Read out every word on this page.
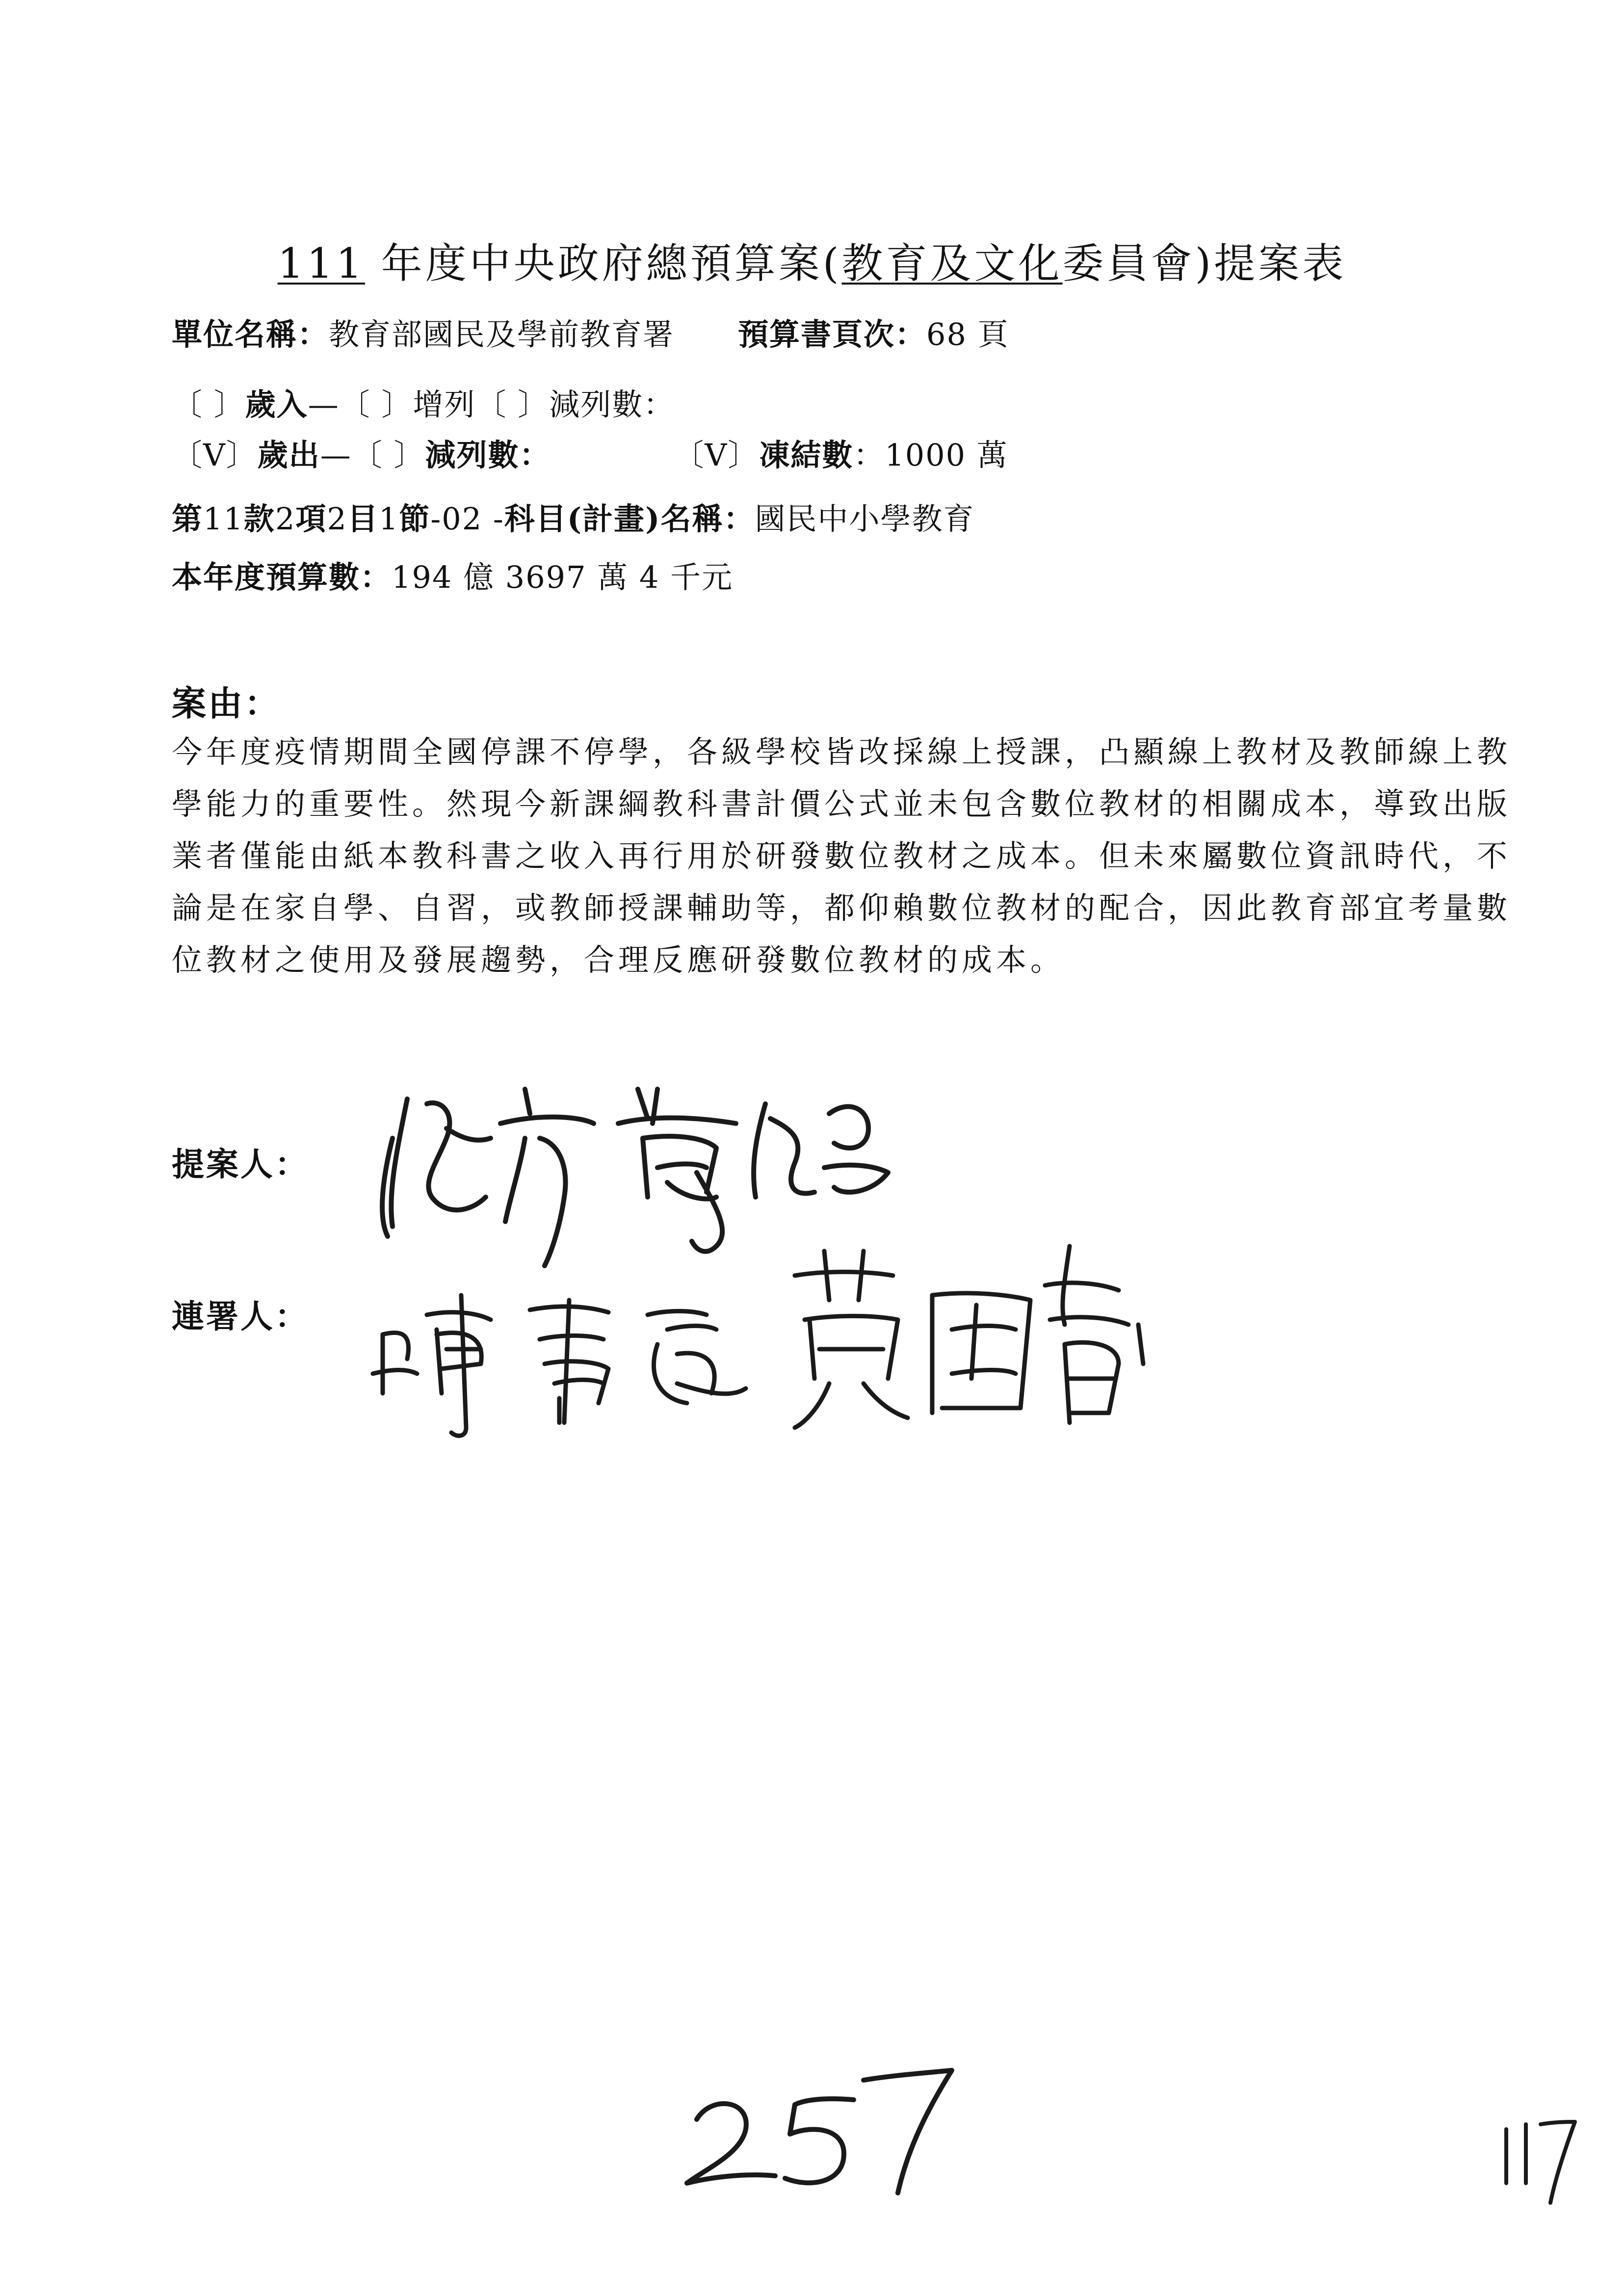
111 年度中央政府總預算案(教育及文化委員會)提案表
單位名稱：教育部國民及學前教育署 預算書頁次：68 頁
〔 〕歲入—〔 〕增列〔 〕減列數：
〔V〕歲出—〔 〕減列數：	〔V〕凍結數：1000 萬
第11款2項2目1節-02 -科目(計畫)名稱：國民中小學教育
本年度預算數：194 億 3697 萬 4 千元
案由：
今年度疫情期間全國停課不停學，各級學校皆改採線上授課，凸顯線上教材及教師線上教學能力的重要性。然現今新課綱教科書計價公式並未包含數位教材的相關成本，導致出版業者僅能由紙本教科書之收入再行用於研發數位教材之成本。但未來屬數位資訊時代，不論是在家自學、自習，或教師授課輔助等，都仰賴數位教材的配合，因此教育部宜考量數位教材之使用及發展趨勢，合理反應研發數位教材的成本。
提案人：
連署人：
